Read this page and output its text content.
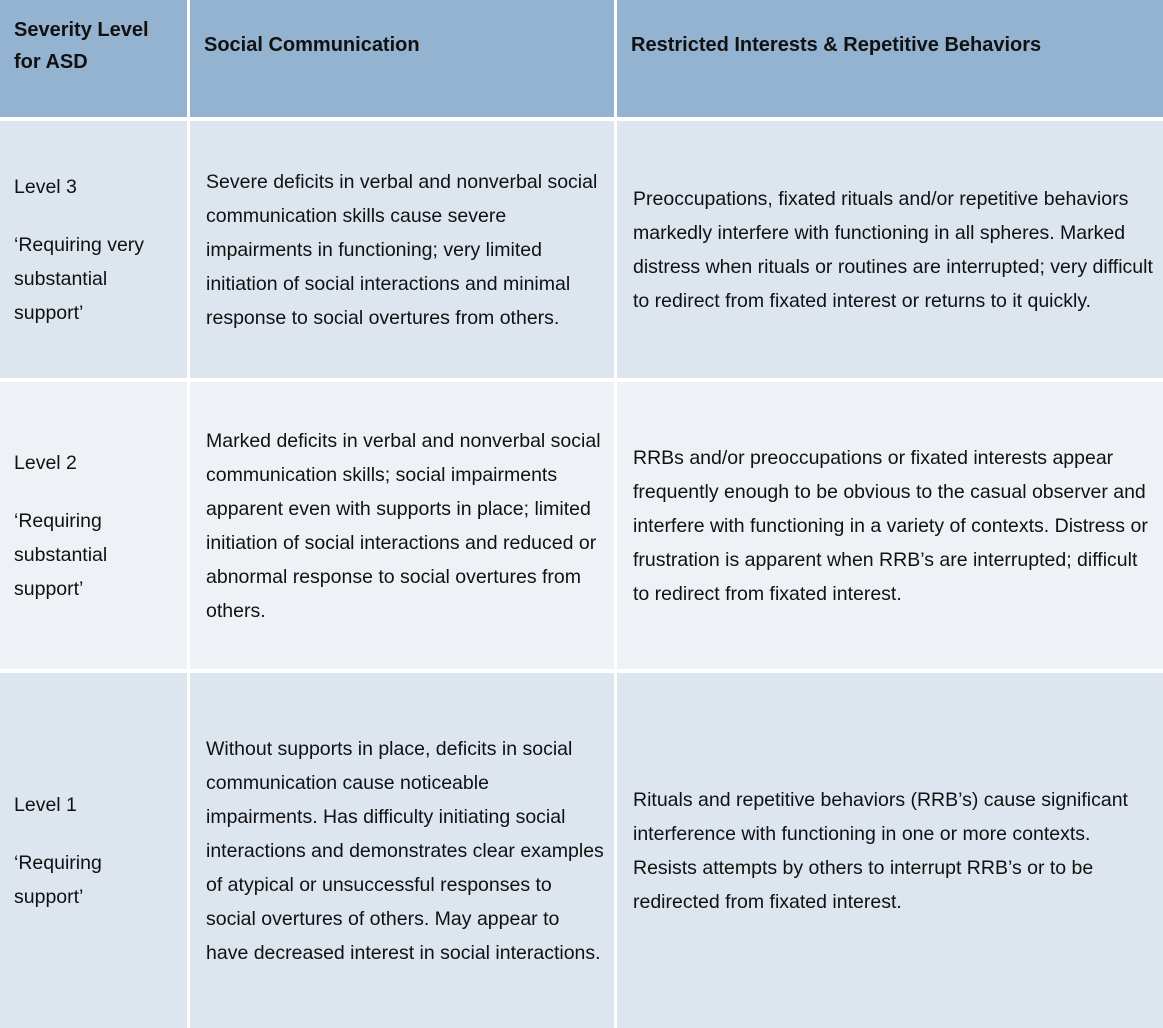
Severity Level for ASD
Social Communication	Restricted Interests & Repetitive Behaviors
Level 3
‘Requiring very substantial support’
Severe deficits in verbal and nonverbal social communication skills cause severe impairments in functioning; very limited initiation of social interactions and minimal response to social overtures from others.
Preoccupations, fixated rituals and/or repetitive behaviors markedly interfere with functioning in all spheres. Marked distress when rituals or routines are interrupted; very difficult to redirect from fixated interest or returns to it quickly.
Level 2
‘Requiring substantial support’
Marked deficits in verbal and nonverbal social communication skills; social impairments apparent even with supports in place; limited initiation of social interactions and reduced or abnormal response to social overtures from others.
RRBs and/or preoccupations or fixated interests appear frequently enough to be obvious to the casual observer and interfere with functioning in a variety of contexts. Distress or frustration is apparent when RRB’s are interrupted; difficult to redirect from fixated interest.
Level 1
‘Requiring support’
Without supports in place, deficits in social communication cause noticeable impairments. Has difficulty initiating social interactions and demonstrates clear examples of atypical or unsuccessful responses to social overtures of others. May appear to have decreased interest in social interactions.
Rituals and repetitive behaviors (RRB’s) cause significant interference with functioning in one or more contexts. Resists attempts by others to interrupt RRB’s or to be redirected from fixated interest.
